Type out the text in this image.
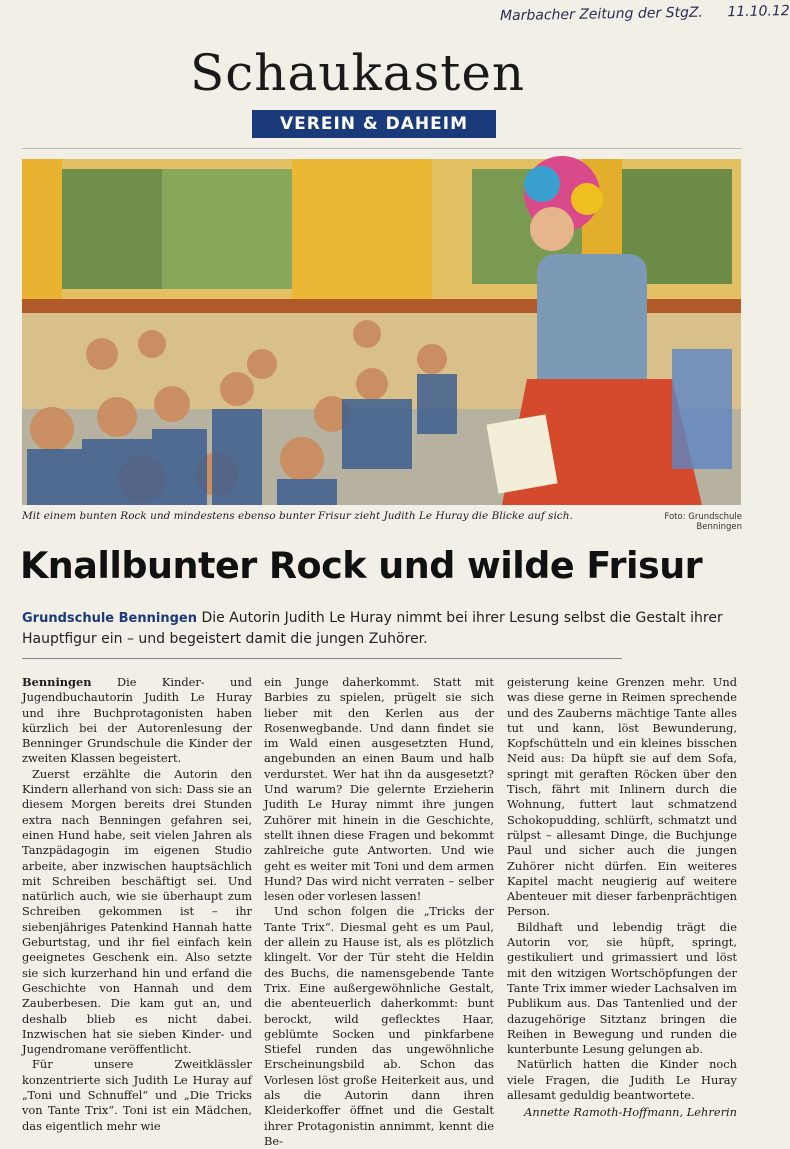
Marbacher Zeitung der StgZ. 11.10.12
Schaukasten
VEREIN & DAHEIM
Mit einem bunten Rock und mindestens ebenso bunter Frisur zieht Judith Le Huray die Blicke auf sich.	Foto: Grundschule Benningen
Knallbunter Rock und wilde Frisur
Grundschule Benningen Die Autorin Judith Le Huray nimmt bei ihrer Lesung selbst die Gestalt ihrer Hauptfigur ein – und begeistert damit die jungen Zuhörer.

Benningen Die Kinder- und Jugendbuchautorin Judith Le Huray und ihre Buchprotagonisten haben kürzlich bei der Autorenlesung der Benninger Grundschule die Kinder der zweiten Klassen begeistert.

Zuerst erzählte die Autorin den Kindern allerhand von sich: Dass sie an diesem Morgen bereits drei Stunden extra nach Benningen gefahren sei, einen Hund habe, seit vielen Jahren als Tanzpädagogin im eigenen Studio arbeite, aber inzwischen hauptsächlich mit Schreiben beschäftigt sei. Und natürlich auch, wie sie überhaupt zum Schreiben gekommen ist – ihr siebenjähriges Patenkind Hannah hatte Geburtstag, und ihr fiel einfach kein geeignetes Geschenk ein. Also setzte sie sich kurzerhand hin und erfand die Geschichte von Hannah und dem Zauberbesen. Die kam gut an, und deshalb blieb es nicht dabei. Inzwischen hat sie sieben Kinder- und Jugendromane veröffentlicht.

Für unsere Zweitklässler konzentrierte sich Judith Le Huray auf „Toni und Schnuffel“ und „Die Tricks von Tante Trix“. Toni ist ein Mädchen, das eigentlich mehr wie

ein Junge daherkommt. Statt mit Barbies zu spielen, prügelt sie sich lieber mit den Kerlen aus der Rosenwegbande. Und dann findet sie im Wald einen ausgesetzten Hund, angebunden an einen Baum und halb verdurstet. Wer hat ihn da ausgesetzt? Und warum? Die gelernte Erzieherin Judith Le Huray nimmt ihre jungen Zuhörer mit hinein in die Geschichte, stellt ihnen diese Fragen und bekommt zahlreiche gute Antworten. Und wie geht es weiter mit Toni und dem armen Hund? Das wird nicht verraten – selber lesen oder vorlesen lassen!

Und schon folgen die „Tricks der Tante Trix“. Diesmal geht es um Paul, der allein zu Hause ist, als es plötzlich klingelt. Vor der Tür steht die Heldin des Buchs, die namensgebende Tante Trix. Eine außergewöhnliche Gestalt, die abenteuerlich daherkommt: bunt berockt, wild geflecktes Haar, geblümte Socken und pinkfarbene Stiefel runden das ungewöhnliche Erscheinungsbild ab. Schon das Vorlesen löst große Heiterkeit aus, und als die Autorin dann ihren Kleiderkoffer öffnet und die Gestalt ihrer Protagonistin annimmt, kennt die Be-

geisterung keine Grenzen mehr. Und was diese gerne in Reimen sprechende und des Zauberns mächtige Tante alles tut und kann, löst Bewunderung, Kopfschütteln und ein kleines bisschen Neid aus: Da hüpft sie auf dem Sofa, springt mit geraften Röcken über den Tisch, fährt mit Inlinern durch die Wohnung, futtert laut schmatzend Schokopudding, schlürft, schmatzt und rülpst – allesamt Dinge, die Buchjunge Paul und sicher auch die jungen Zuhörer nicht dürfen. Ein weiteres Kapitel macht neugierig auf weitere Abenteuer mit dieser farbenprächtigen Person.

Bildhaft und lebendig trägt die Autorin vor, sie hüpft, springt, gestikuliert und grimassiert und löst mit den witzigen Wortschöpfungen der Tante Trix immer wieder Lachsalven im Publikum aus. Das Tantenlied und der dazugehörige Sitztanz bringen die Reihen in Bewegung und runden die kunterbunte Lesung gelungen ab.

Natürlich hatten die Kinder noch viele Fragen, die Judith Le Huray allesamt geduldig beantwortete.

Annette Ramoth-Hoffmann, Lehrerin
